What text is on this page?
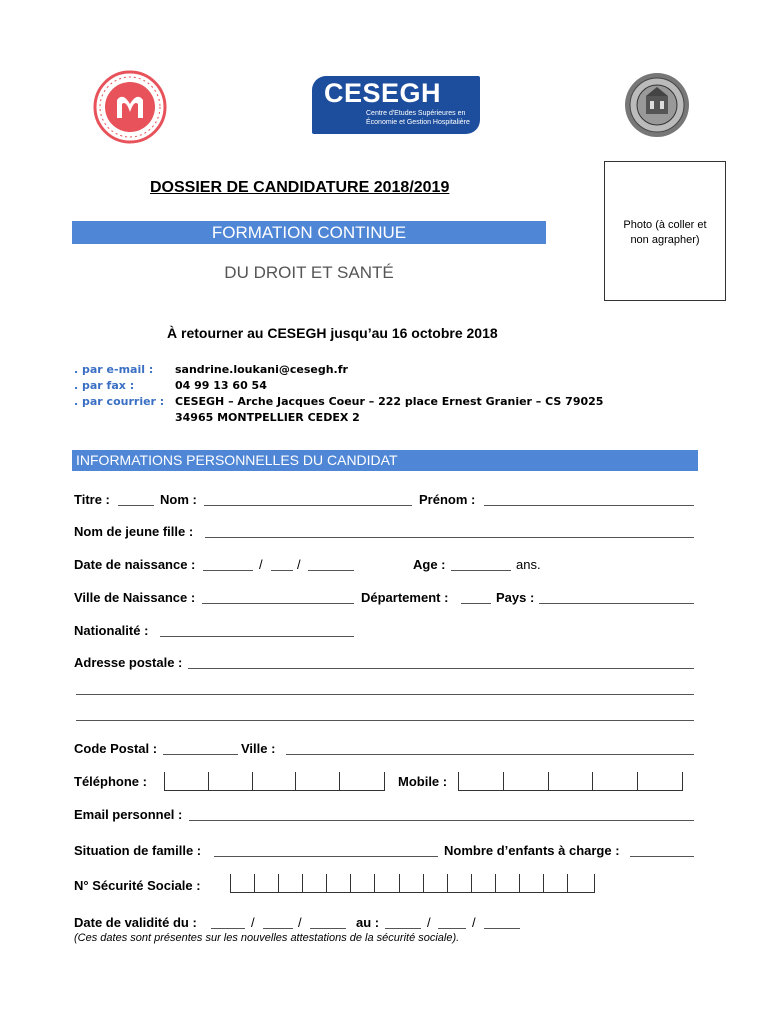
CESEGH
Centre d'Etudes Supérieures en
Économie et Gestion Hospitalière
Photo (à coller et
non agrapher)
DOSSIER DE CANDIDATURE 2018/2019
FORMATION CONTINUE
DU DROIT ET SANTÉ
À retourner au CESEGH jusqu’au 16 octobre 2018
. par e-mail : sandrine.loukani@cesegh.fr
. par fax :	04 99 13 60 54
. par courrier : CESEGH – Arche Jacques Coeur – 222 place Ernest Granier – CS 79025
34965 MONTPELLIER CEDEX 2
INFORMATIONS PERSONNELLES DU CANDIDAT
Titre :	Nom :	Prénom :
Nom de jeune fille :
Date de naissance :	/	/	Age :	ans.
Ville de Naissance :	Département :	Pays :
Nationalité :
Adresse postale :
Code Postal :	Ville :
Téléphone :	Mobile :
Email personnel :
Situation de famille :	Nombre d’enfants à charge :
N° Sécurité Sociale :
Date de validité du :	/	/	au :	/	/
(Ces dates sont présentes sur les nouvelles attestations de la sécurité sociale).
